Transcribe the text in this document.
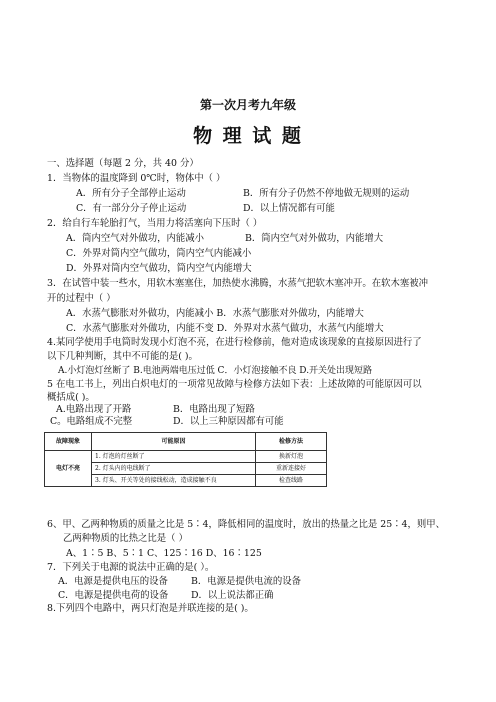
第一次月考九年级
物 理 试 题
一、选择题（每题 2 分，共 40 分）
1．当物体的温度降到 0℃时，物体中（ ）
A．所有分子全部停止运动	B．所有分子仍然不停地做无规则的运动
C．有一部分分子停止运动	D．以上情况都有可能
2．给自行车轮胎打气，当用力将活塞向下压时（ ）
A．筒内空气对外做功，内能减小	B．筒内空气对外做功，内能增大
C．外界对筒内空气做功，筒内空气内能减小
D．外界对筒内空气做功，筒内空气内能增大
3．在试管中装一些水，用软木塞塞住，加热使水沸腾，水蒸气把软木塞冲开。在软木塞被冲
开的过程中（ ）
A．水蒸气膨胀对外做功，内能减小 B．水蒸气膨胀对外做功，内能增大
C．水蒸气膨胀对外做功，内能不变 D．外界对水蒸气做功，水蒸气内能增大
4.某同学使用手电筒时发现小灯泡不亮，在进行检修前，他对造成该现象的直接原因进行了
以下几种判断，其中不可能的是( )。
A.小灯泡灯丝断了 B.电池两端电压过低 C．小灯泡接触不良 D.开关处出现短路
5 在电工书上，列出白炽电灯的一项常见故障与检修方法如下表：上述故障的可能原因可以
概括成( )。
A.电路出现了开路	B．电路出现了短路
C。电路组成不完整	D．以上三种原因都有可能
故障现象	可能原因	检修方法
电灯不亮	1. 灯泡的灯丝断了	换新灯泡
	2. 灯头内的电线断了	重新连接好
	3. 灯头、开关等处的接线松动，造成接触不良	检查线路
6、甲、乙两种物质的质量之比是 5∶4，降低相同的温度时，放出的热量之比是 25∶4，则甲、
乙两种物质的比热之比是（ ）
A、1∶5 B、5∶1 C、125∶16 D、16∶125
7．下列关于电源的说法中正确的是( ）。
A．电源是提供电压的设备 B．电源是提供电流的设备
C．电源是提供电荷的设备 D．以上说法都正确
8.下列四个电路中，两只灯泡是并联连接的是( )。
